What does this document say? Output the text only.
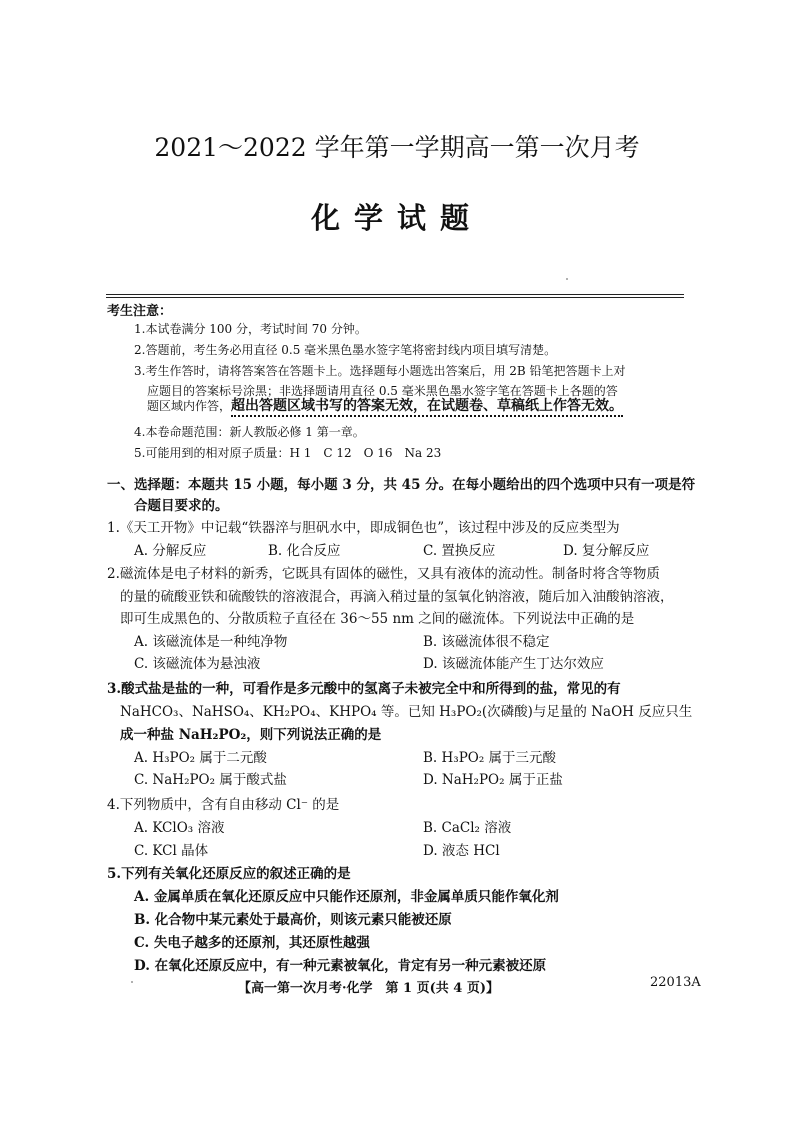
2021～2022 学年第一学期高一第一次月考
化学试题
考生注意：
1.本试卷满分 100 分，考试时间 70 分钟。
2.答题前，考生务必用直径 0.5 毫米黑色墨水签字笔将密封线内项目填写清楚。
3.考生作答时，请将答案答在答题卡上。选择题每小题选出答案后，用 2B 铅笔把答题卡上对
应题目的答案标号涂黑；非选择题请用直径 0.5 毫米黑色墨水签字笔在答题卡上各题的答
题区域内作答，超出答题区域书写的答案无效，在试题卷、草稿纸上作答无效。
4.本卷命题范围：新人教版必修 1 第一章。
5.可能用到的相对原子质量：H 1　C 12　O 16　Na 23
一、选择题：本题共 15 小题，每小题 3 分，共 45 分。在每小题给出的四个选项中只有一项是符
合题目要求的。
1.《天工开物》中记载“铁器淬与胆矾水中，即成铜色也”，该过程中涉及的反应类型为
A. 分解反应	B. 化合反应	C. 置换反应	D. 复分解反应
2.磁流体是电子材料的新秀，它既具有固体的磁性，又具有液体的流动性。制备时将含等物质
的量的硫酸亚铁和硫酸铁的溶液混合，再滴入稍过量的氢氧化钠溶液，随后加入油酸钠溶液，
即可生成黑色的、分散质粒子直径在 36～55 nm 之间的磁流体。下列说法中正确的是
A. 该磁流体是一种纯净物	B. 该磁流体很不稳定
C. 该磁流体为悬浊液	D. 该磁流体能产生丁达尔效应
3.酸式盐是盐的一种，可看作是多元酸中的氢离子未被完全中和所得到的盐，常见的有
NaHCO₃、NaHSO₄、KH₂PO₄、KHPO₄ 等。已知 H₃PO₂(次磷酸)与足量的 NaOH 反应只生
成一种盐 NaH₂PO₂，则下列说法正确的是
A. H₃PO₂ 属于二元酸	B. H₃PO₂ 属于三元酸
C. NaH₂PO₂ 属于酸式盐	D. NaH₂PO₂ 属于正盐
4.下列物质中，含有自由移动 Cl⁻ 的是
A. KClO₃ 溶液	B. CaCl₂ 溶液
C. KCl 晶体	D. 液态 HCl
5.下列有关氧化还原反应的叙述正确的是
A. 金属单质在氧化还原反应中只能作还原剂，非金属单质只能作氧化剂
B. 化合物中某元素处于最高价，则该元素只能被还原
C. 失电子越多的还原剂，其还原性越强
D. 在氧化还原反应中，有一种元素被氧化，肯定有另一种元素被还原
【高一第一次月考·化学　第 1 页(共 4 页)】	22013A
